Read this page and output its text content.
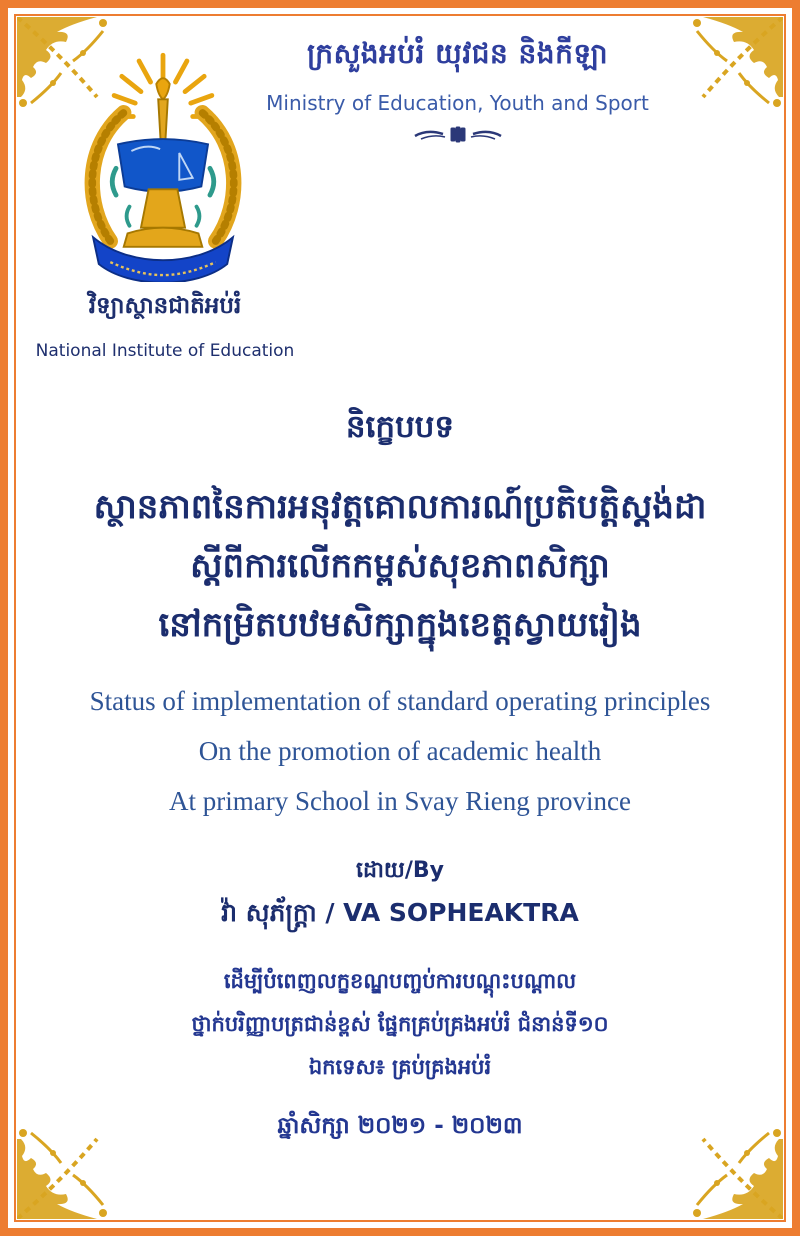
ក្រសួងអប់រំ យុវជន និងកីឡា
Ministry of Education, Youth and Sport
វិទ្យាស្ថានជាតិអប់រំ
National Institute of Education
និក្ខេបបទ
ស្ថានភាពនៃការអនុវត្តគោលការណ៍ប្រតិបត្តិស្តង់ដា
ស្តីពីការលើកកម្ពស់សុខភាពសិក្សា
នៅកម្រិតបឋមសិក្សាក្នុងខេត្តស្វាយរៀង
Status of implementation of standard operating principles
On the promotion of academic health
At primary School in Svay Rieng province
ដោយ/By
វ៉ា សុភ័ក្ត្រា / VA SOPHEAKTRA
ដើម្បីបំពេញលក្ខខណ្ឌបញ្ចប់ការបណ្តុះបណ្តាល
ថ្នាក់បរិញ្ញាបត្រជាន់ខ្ពស់ ផ្នែកគ្រប់គ្រងអប់រំ ជំនាន់ទី១០
ឯកទេស៖ គ្រប់គ្រងអប់រំ
ឆ្នាំសិក្សា ២០២១ - ២០២៣
